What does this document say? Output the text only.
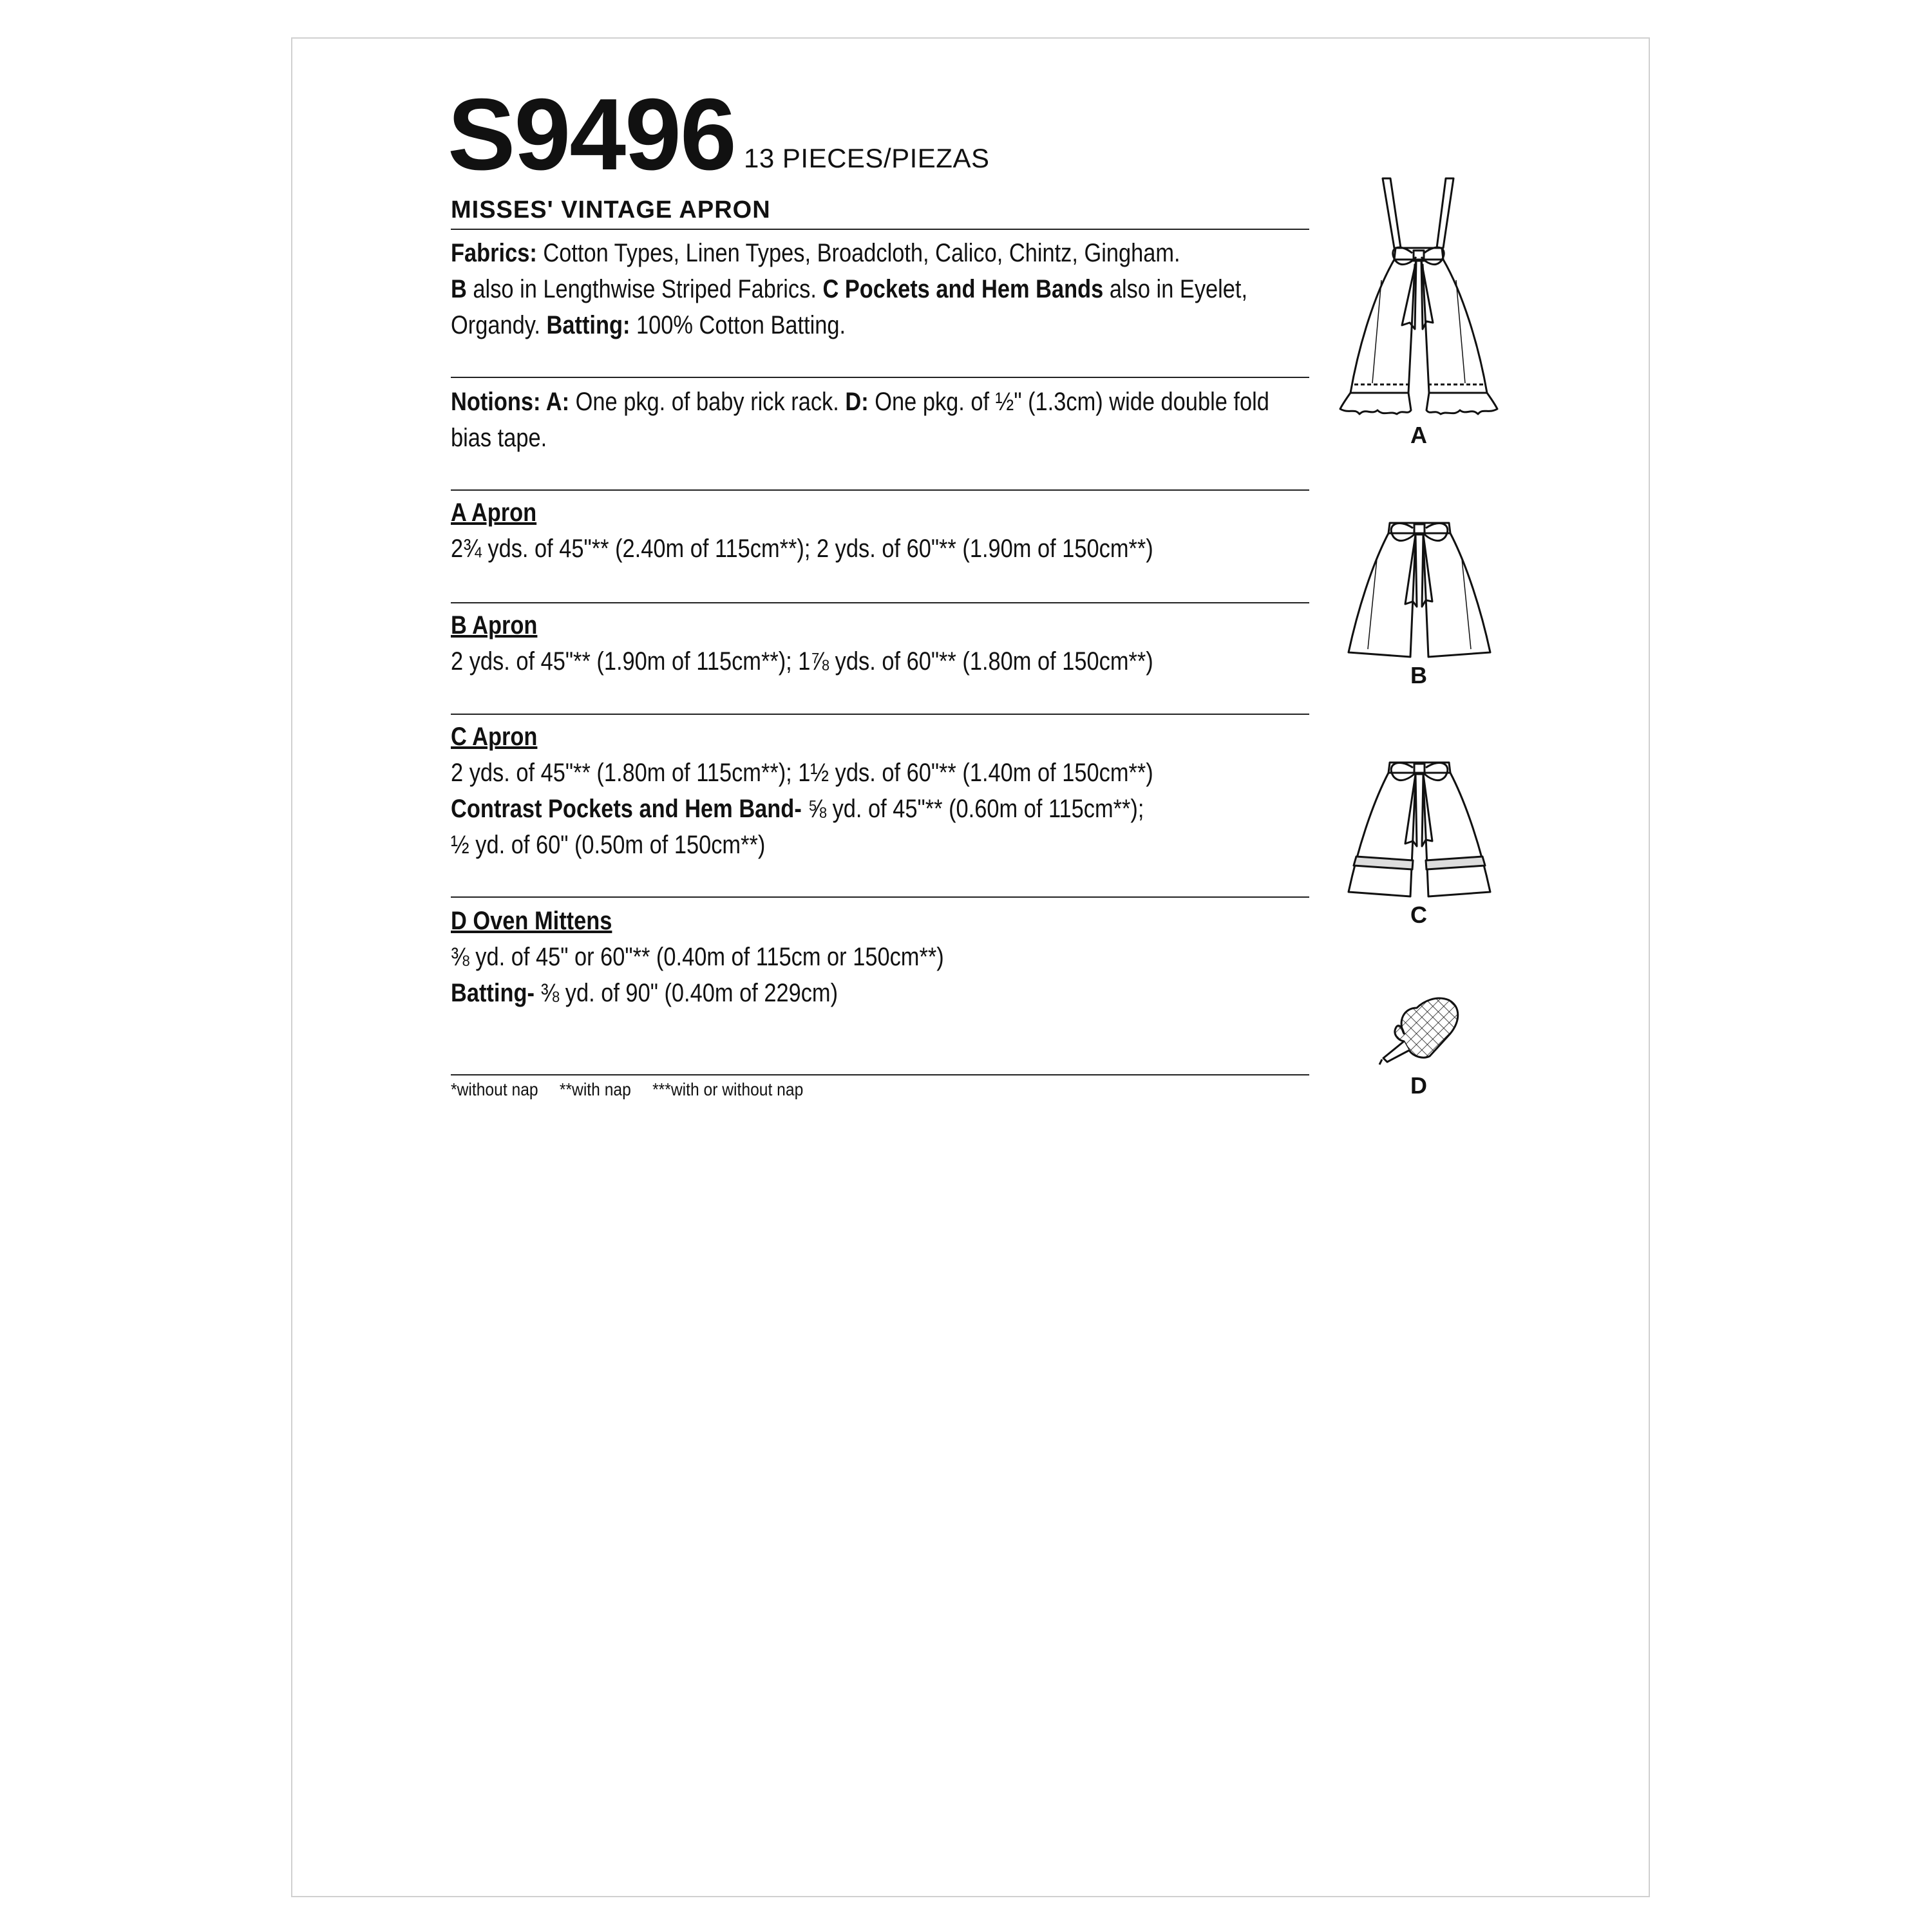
S9496 13 PIECES/PIEZAS
MISSES' VINTAGE APRON
Fabrics: Cotton Types, Linen Types, Broadcloth, Calico, Chintz, Gingham.
B also in Lengthwise Striped Fabrics. C Pockets and Hem Bands also in Eyelet, Organdy. Batting: 100% Cotton Batting.
Notions: A: One pkg. of baby rick rack. D: One pkg. of ½" (1.3cm) wide double fold bias tape.
A Apron
2¾ yds. of 45"** (2.40m of 115cm**); 2 yds. of 60"** (1.90m of 150cm**)
B Apron
2 yds. of 45"** (1.90m of 115cm**); 1⅞ yds. of 60"** (1.80m of 150cm**)
C Apron
2 yds. of 45"** (1.80m of 115cm**); 1½ yds. of 60"** (1.40m of 150cm**)
Contrast Pockets and Hem Band- ⅝ yd. of 45"** (0.60m of 115cm**);
½ yd. of 60" (0.50m of 150cm**)
D Oven Mittens
⅜ yd. of 45" or 60"** (0.40m of 115cm or 150cm**)
Batting- ⅜ yd. of 90" (0.40m of 229cm)
*without nap **with nap ***with or without nap
A
B
C
D
